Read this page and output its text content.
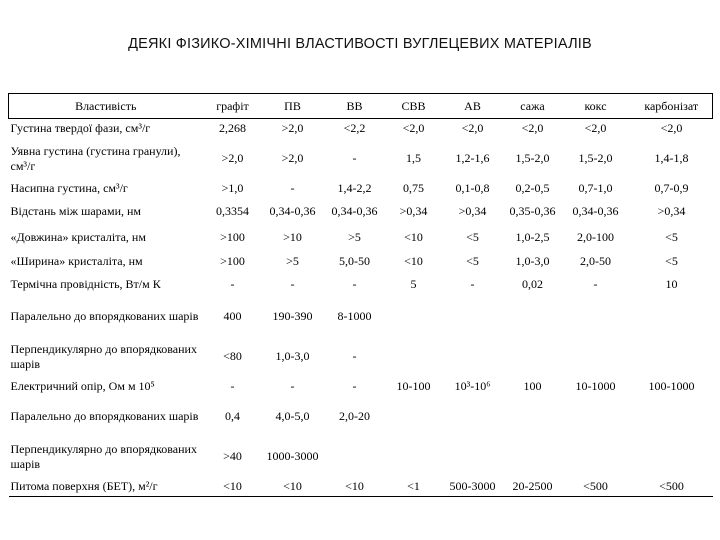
ДЕЯКІ ФІЗИКО-ХІМІЧНІ ВЛАСТИВОСТІ ВУГЛЕЦЕВИХ МАТЕРІАЛІВ
Властивість	графіт	ПВ	ВВ	СВВ	АВ	сажа	кокс	карбонізат
Густина твердої фази, см³/г	2,268	>2,0	<2,2	<2,0	<2,0	<2,0	<2,0	<2,0
Уявна густина (густина гранули), см³/г	>2,0	>2,0	-	1,5	1,2-1,6	1,5-2,0	1,5-2,0	1,4-1,8
Насипна густина, см³/г	>1,0	-	1,4-2,2	0,75	0,1-0,8	0,2-0,5	0,7-1,0	0,7-0,9
Відстань між шарами, нм	0,3354	0,34-0,36	0,34-0,36	>0,34	>0,34	0,35-0,36	0,34-0,36	>0,34
«Довжина» кристаліта, нм	>100	>10	>5	<10	<5	1,0-2,5	2,0-100	<5
«Ширина» кристаліта, нм	>100	>5	5,0-50	<10	<5	1,0-3,0	2,0-50	<5
Термічна провідність, Вт/м К	-	-	-	5	-	0,02	-	10
Паралельно до впорядкованих шарів	400	190-390	8-1000					
Перпендикулярно до впорядкованих шарів	<80	1,0-3,0	-					
Електричний опір, Ом м 10⁵	-	-	-	10-100	10³-10⁶	100	10-1000	100-1000
Паралельно до впорядкованих шарів	0,4	4,0-5,0	2,0-20					
Перпендикулярно до впорядкованих шарів	>40	1000-3000						
Питома поверхня (БЕТ), м²/г	<10	<10	<10	<1	500-3000	20-2500	<500	<500
